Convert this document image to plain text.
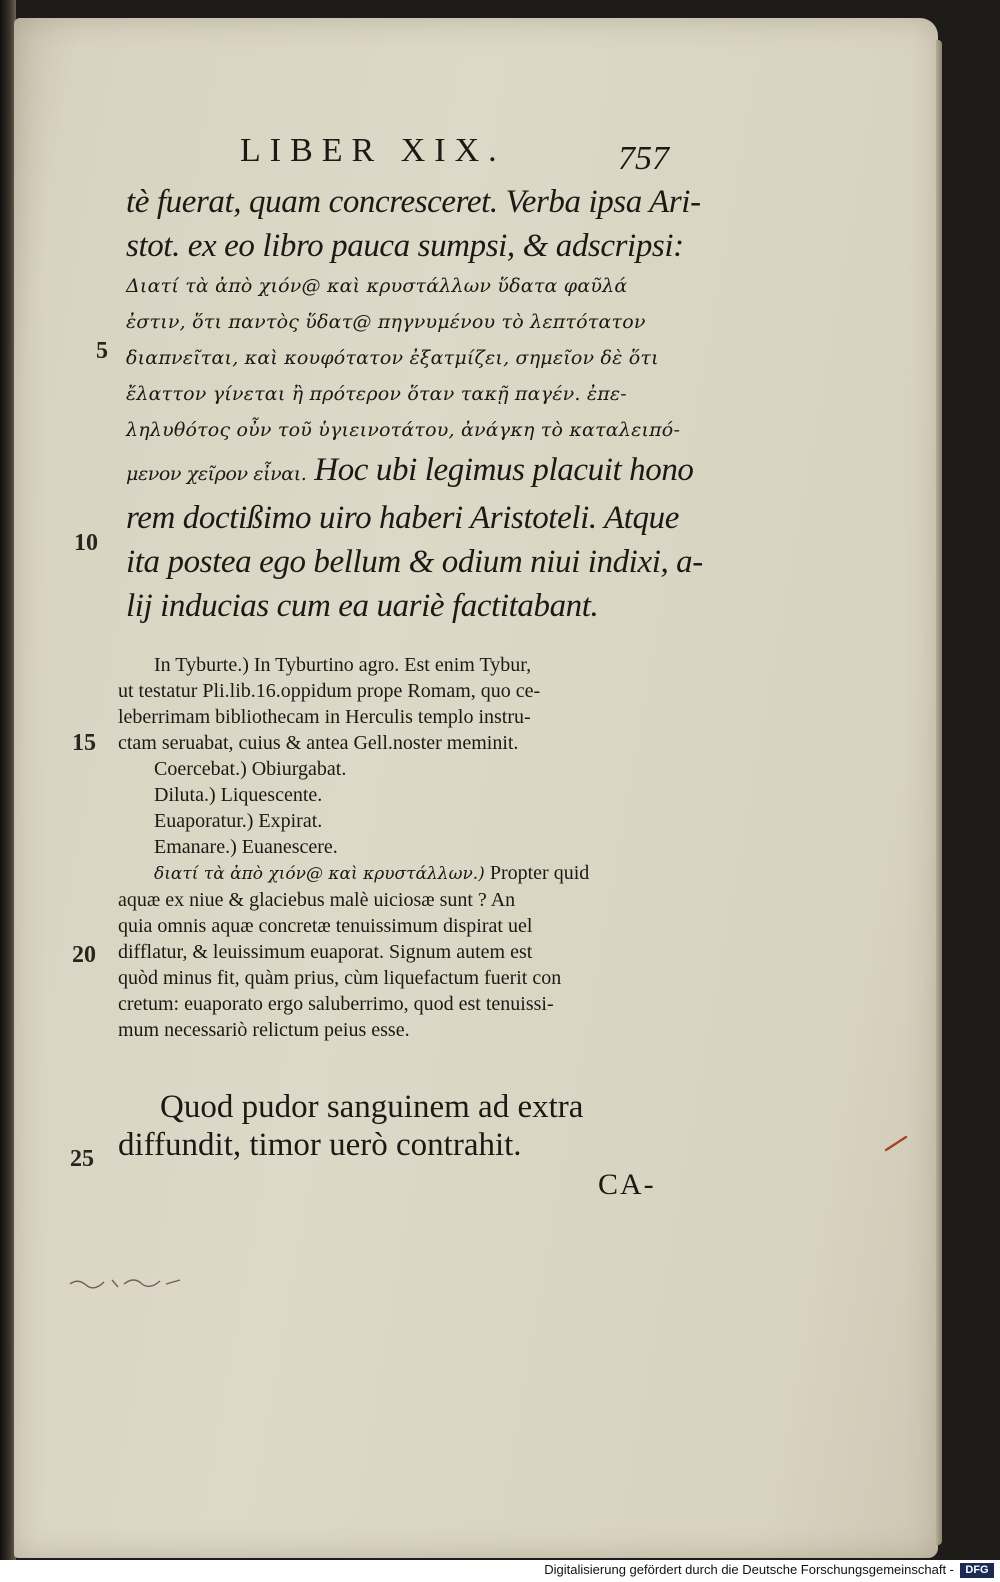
LIBER XIX.	757
tè fuerat, quam concresceret. Verba ipsa Ari-
stot. ex eo libro pauca sumpsi, & adscripsi:
Διατί τὰ ἀπὸ χιόν@ καὶ κρυστάλλων ὕδατα φαῦλά
ἐστιν, ὅτι παντὸς ὕδατ@ πηγνυμένου τὸ λεπτότατον
διαπνεῖται, καὶ κουφότατον ἐξατμίζει, σημεῖον δὲ ὅτι
ἔλαττον γίνεται ἢ πρότερον ὅταν τακῇ παγέν. ἐπε-
ληλυθότος οὖν τοῦ ὑγιεινοτάτου, ἀνάγκη τὸ καταλειπό-
μενον χεῖρον εἶναι. Hoc ubi legimus placuit hono
rem doctißimo uiro haberi Aristoteli. Atque
ita postea ego bellum & odium niui indixi, a-
lij inducias cum ea uariè factitabant.
In Tyburte.) In Tyburtino agro. Est enim Tybur,
ut testatur Pli.lib.16.oppidum prope Romam, quo ce-
leberrimam bibliothecam in Herculis templo instru-
ctam seruabat, cuius & antea Gell.noster meminit.
Coercebat.) Obiurgabat.
Diluta.) Liquescente.
Euaporatur.) Expirat.
Emanare.) Euanescere.
διατί τὰ ἀπὸ χιόν@ καὶ κρυστάλλων.) Propter quid
aquæ ex niue & glaciebus malè uiciosæ sunt ? An
quia omnis aquæ concretæ tenuissimum dispirat uel
difflatur, & leuissimum euaporat. Signum autem est
quòd minus fit, quàm prius, cùm liquefactum fuerit con
cretum: euaporato ergo saluberrimo, quod est tenuissi-
mum necessariò relictum peius esse.
Quod pudor sanguinem ad extra
diffundit, timor uerò contrahit.
CA-
5
10
15
20
25
Digitalisierung gefördert durch die Deutsche Forschungsgemeinschaft -	DFG
